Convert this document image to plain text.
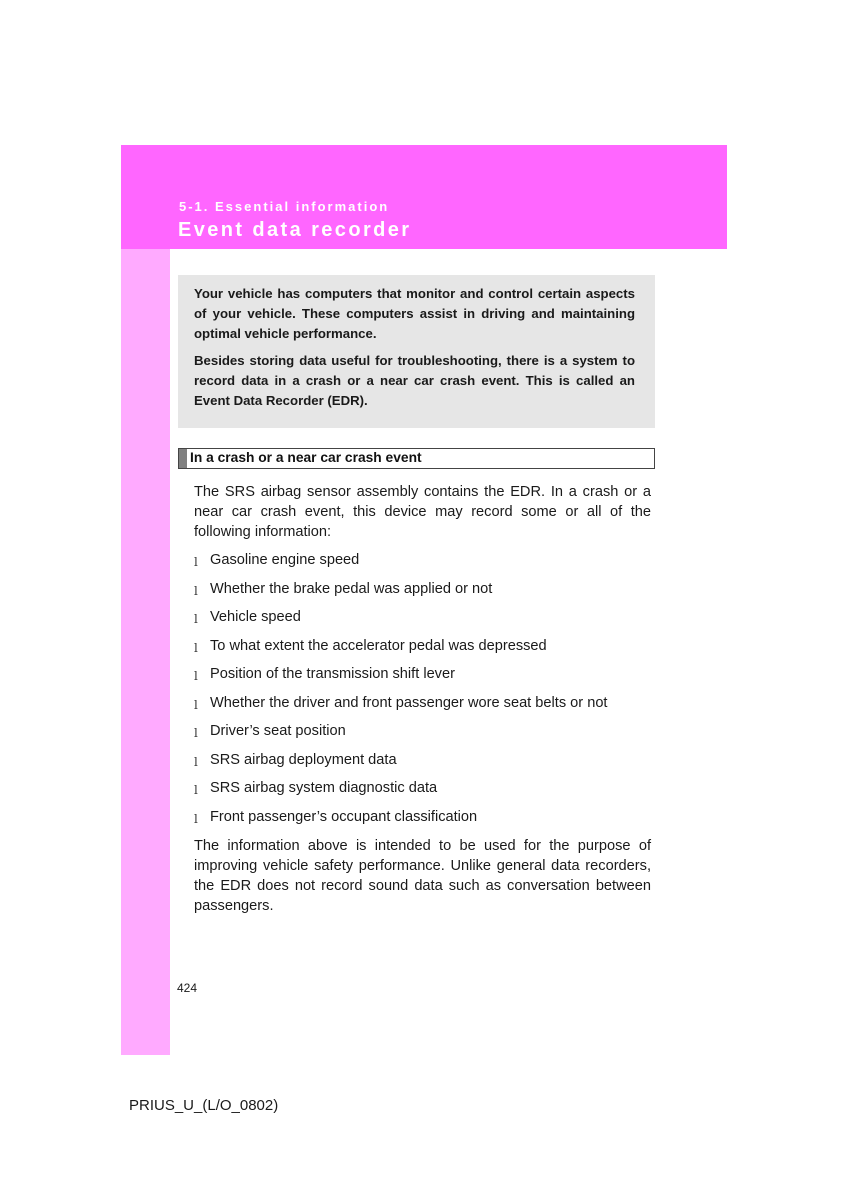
5-1. Essential information
Event data recorder

Your vehicle has computers that monitor and control certain aspects of your vehicle. These computers assist in driving and maintaining optimal vehicle performance.

Besides storing data useful for troubleshooting, there is a system to record data in a crash or a near car crash event. This is called an Event Data Recorder (EDR).

In a crash or a near car crash event

The SRS airbag sensor assembly contains the EDR. In a crash or a near car crash event, this device may record some or all of the following information:

l Gasoline engine speed
l Whether the brake pedal was applied or not
l Vehicle speed
l To what extent the accelerator pedal was depressed
l Position of the transmission shift lever
l Whether the driver and front passenger wore seat belts or not
l Driver’s seat position
l SRS airbag deployment data
l SRS airbag system diagnostic data
l Front passenger’s occupant classification

The information above is intended to be used for the purpose of improving vehicle safety performance. Unlike general data recorders, the EDR does not record sound data such as conversation between passengers.

424
PRIUS_U_(L/O_0802)
